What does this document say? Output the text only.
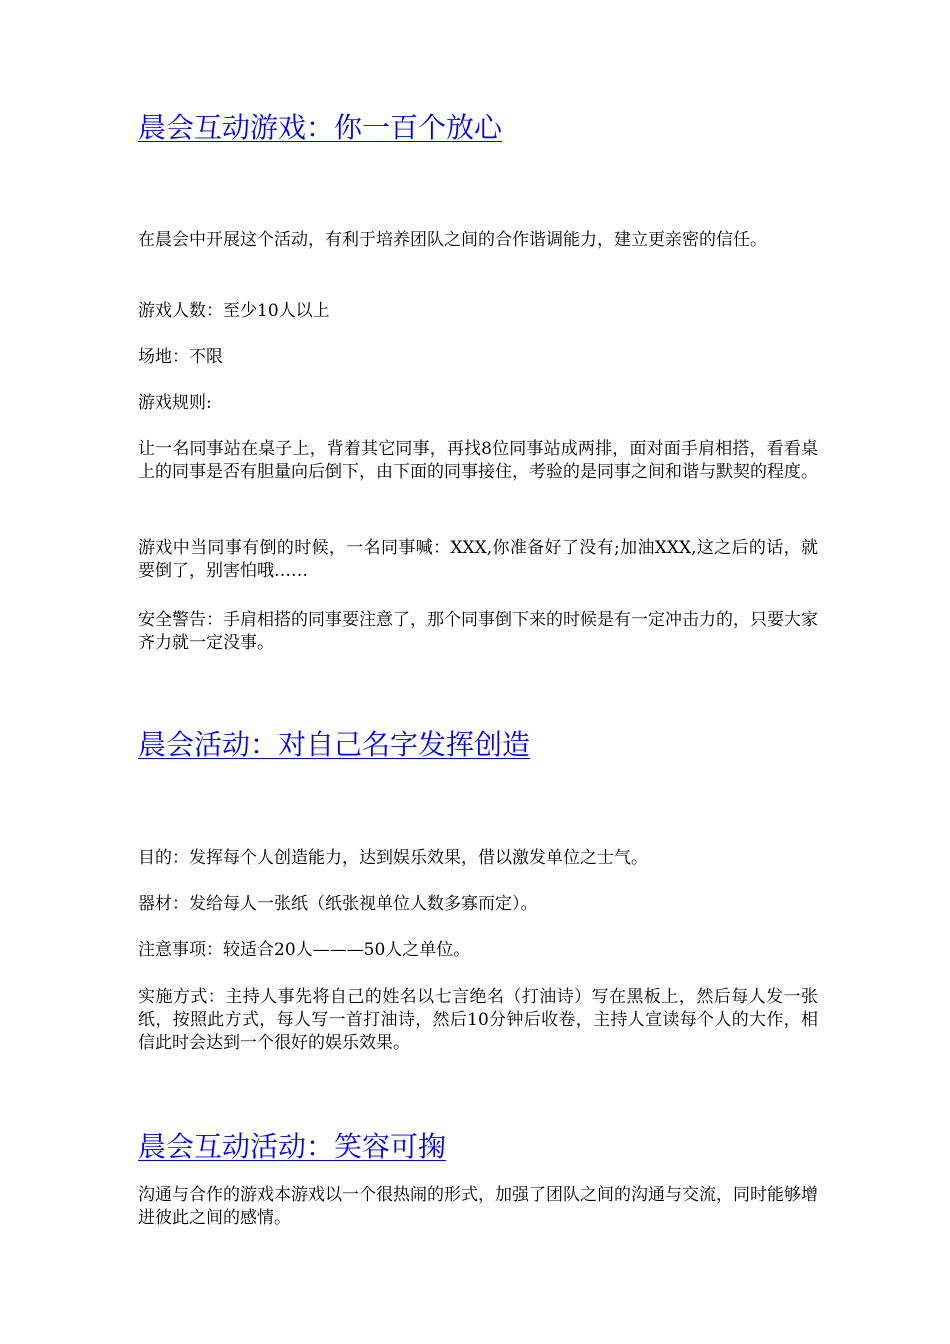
晨会互动游戏：你一百个放心

在晨会中开展这个活动，有利于培养团队之间的合作谐调能力，建立更亲密的信任。

游戏人数：至少10人以上

场地：不限

游戏规则:

让一名同事站在桌子上，背着其它同事，再找8位同事站成两排，面对面手肩相搭，看看桌上的同事是否有胆量向后倒下，由下面的同事接住，考验的是同事之间和谐与默契的程度。

游戏中当同事有倒的时候，一名同事喊：XXX,你准备好了没有;加油XXX,这之后的话，就要倒了，别害怕哦……

安全警告：手肩相搭的同事要注意了，那个同事倒下来的时候是有一定冲击力的，只要大家齐力就一定没事。

晨会活动：对自己名字发挥创造

目的：发挥每个人创造能力，达到娱乐效果，借以激发单位之士气。

器材：发给每人一张纸（纸张视单位人数多寡而定）。

注意事项：较适合20人———50人之单位。

实施方式：主持人事先将自己的姓名以七言绝名（打油诗）写在黑板上，然后每人发一张纸，按照此方式，每人写一首打油诗，然后10分钟后收卷，主持人宣读每个人的大作，相信此时会达到一个很好的娱乐效果。

晨会互动活动：笑容可掬

沟通与合作的游戏本游戏以一个很热闹的形式，加强了团队之间的沟通与交流，同时能够增进彼此之间的感情。
